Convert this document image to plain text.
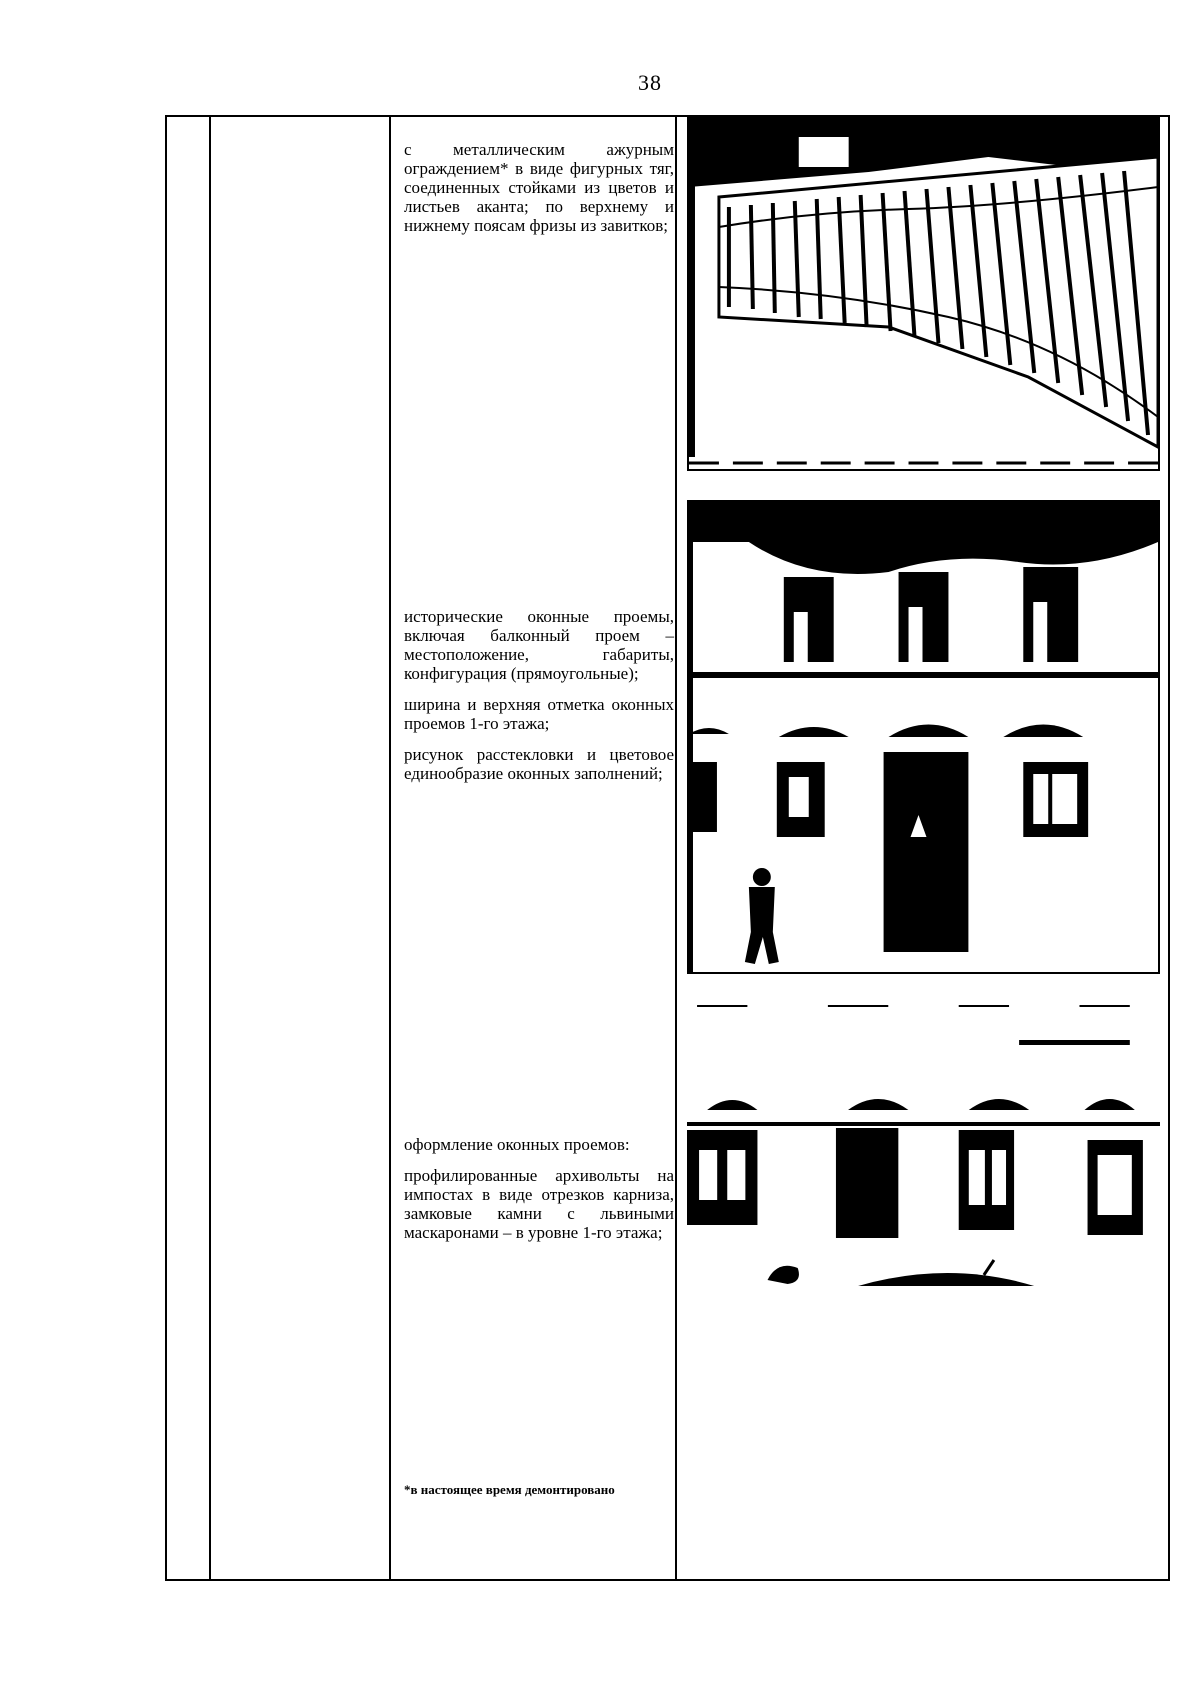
38

с металлическим ажурным ограждением* в виде фигурных тяг, соединенных стойками из цветов и листьев аканта; по верхнему и нижнему поясам фризы из завитков;

исторические оконные проемы, включая балконный проем – местоположение, габариты, конфигурация (прямоугольные);

ширина и верхняя отметка оконных проемов 1-го этажа;

рисунок расстекловки и цветовое единообразие оконных заполнений;

оформление оконных проемов:

профилированные архивольты на импостах в виде отрезков карниза, замковые камни с львиными маскаронами – в уровне 1-го этажа;

*в настоящее время демонтировано
